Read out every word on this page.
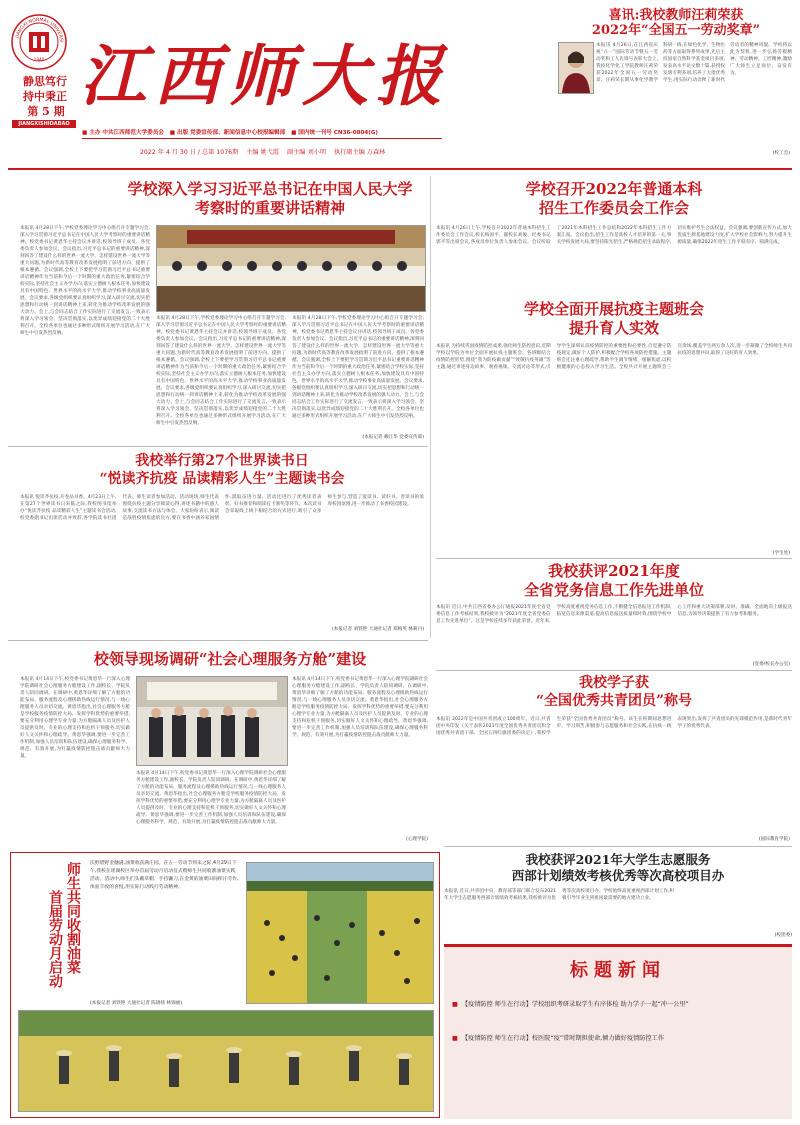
JIANGXI NORMAL UNIVERSI
1940
静思笃行
持中秉正
第 5 期
JIANGXISHIDABAO
江西师大报
■ 主办 中共江西师范大学委员会 ■ 出版 党委宣传部、新闻信息中心校报编辑部 ■ 国内统一刊号 CN36-0804(G)
2022 年 4 月 30 日 / 总第 1076期 主编 姚弋霞 副主编 刘小明 执行副主编 万森林
喜讯:我校教师汪莉荣获
2022年“全国五一劳动奖章”
本报讯 4月26日,在江西省庆祝“五一”国际劳动节暨五一劳动奖和工人先锋号表彰大会上,我校化学化工学院教师汪莉荣获2022年全国五一劳动奖章。汪莉荣长期从事化学教学科研一线,在绿色化学、生物医药等方面取得系列成果,先后主持国家自然科学基金项目多项,发表高水平论文数十篇,获授权发明专利多项,培养了大批优秀学生,用实际行动诠释了新时代劳动者的精神风貌。学校将以此为契机,进一步弘扬劳模精神、劳动精神、工匠精神,激励广大师生立足岗位、奋发有为。
(校工会)
学校深入学习习近平总书记在中国人民大学
考察时的重要讲话精神
本报讯 4月28日下午,学校党委理论学习中心组召开专题学习会,深入学习贯彻习近平总书记在中国人民大学考察时的重要讲话精神。校党委书记黄恩华主持会议并讲话,校领导班子成员、各党委负责人参加会议。会议指出,习近平总书记的重要讲话精神,深刻回答了建设什么样的世界一流大学、怎样建设世界一流大学等重大问题,为新时代高等教育改革发展指明了前进方向、提供了根本遵循。会议强调,全校上下要把学习贯彻习近平总书记重要讲话精神作为当前和今后一个时期的重大政治任务,紧密结合学校实际,坚持社会主义办学方向,落实立德树人根本任务,加快建设具有中国特色、世界水平的高水平大学,推动学校事业高质量发展。会议要求,各级党组织要认真组织学习,深入研讨交流,切实把思想和行动统一到讲话精神上来,转化为推动学校改革发展的强大动力。会上,与会同志结合工作实际进行了交流发言,一致表示将深入学习领会、坚决贯彻落实,以优异成绩迎接党的二十大胜利召开。全校各单位也通过多种形式组织开展学习活动,在广大师生中引发热烈反响。
本报讯 4月28日下午,学校党委理论学习中心组召开专题学习会,深入学习贯彻习近平总书记在中国人民大学考察时的重要讲话精神。校党委书记黄恩华主持会议并讲话,校领导班子成员、各党委负责人参加会议。会议指出,习近平总书记的重要讲话精神,深刻回答了建设什么样的世界一流大学、怎样建设世界一流大学等重大问题,为新时代高等教育改革发展指明了前进方向、提供了根本遵循。会议强调,全校上下要把学习贯彻习近平总书记重要讲话精神作为当前和今后一个时期的重大政治任务,紧密结合学校实际,坚持社会主义办学方向,落实立德树人根本任务,加快建设具有中国特色、世界水平的高水平大学,推动学校事业高质量发展。会议要求,各级党组织要认真组织学习,深入研讨交流,切实把思想和行动统一到讲话精神上来,转化为推动学校改革发展的强大动力。会上,与会同志结合工作实际进行了交流发言,一致表示将深入学习领会、坚决贯彻落实,以优异成绩迎接党的二十大胜利召开。全校各单位也通过多种形式组织开展学习活动,在广大师生中引发热烈反响。
本报讯 4月28日下午,学校党委理论学习中心组召开专题学习会,深入学习贯彻习近平总书记在中国人民大学考察时的重要讲话精神。校党委书记黄恩华主持会议并讲话,校领导班子成员、各党委负责人参加会议。会议指出,习近平总书记的重要讲话精神,深刻回答了建设什么样的世界一流大学、怎样建设世界一流大学等重大问题,为新时代高等教育改革发展指明了前进方向、提供了根本遵循。会议强调,全校上下要把学习贯彻习近平总书记重要讲话精神作为当前和今后一个时期的重大政治任务,紧密结合学校实际,坚持社会主义办学方向,落实立德树人根本任务,加快建设具有中国特色、世界水平的高水平大学,推动学校事业高质量发展。会议要求,各级党组织要认真组织学习,深入研讨交流,切实把思想和行动统一到讲话精神上来,转化为推动学校改革发展的强大动力。会上,与会同志结合工作实际进行了交流发言,一致表示将深入学习领会、坚决贯彻落实,以优异成绩迎接党的二十大胜利召开。全校各单位也通过多种形式组织开展学习活动,在广大师生中引发热烈反响。
(本报记者 赖江华 党委宣传部)
学校召开2022年普通本科
招生工作委员会工作会
本报讯 4月26日上午,学校召开2022年普通本科招生工作委员会工作会议,校长梅国平、副校长刘俊、纪委书记郭平等出席会议,各成员单位负责人参加会议。会议听取了2021年本科招生工作总结和2022年本科招生工作方案汇报。会议指出,招生工作是高校人才培养的第一关,事关学校发展大局,要坚持阳光招生,严格规范招生录取程序,切实维护考生合法权益。会议强调,要创新宣传方式,加大优质生源基地建设力度,扩大学校社会影响力,努力提升生源质量,确保2022年招生工作平稳有序、圆满完成。
学校全面开展抗疫主题班会
提升育人实效
本报讯 为持续巩固疫情防控成果,强化师生防控意识,近期学校以学院为单位全面开展抗疫主题班会。各班级结合疫情防控形势,围绕“我为防疫做贡献”“致敬抗疫英雄”等主题,通过讲述身边故事、观看视频、交流讨论等形式,引导学生深刻认识疫情防控的重要性和必要性,自觉遵守防疫规定,做好个人防护,积极配合学校各项防控措施。主题班会还注重心理疏导,帮助学生调节情绪、缓解焦虑,以积极健康的心态投入学习生活。全校共计开展主题班会三百余场,覆盖学生两万余人次,进一步凝聚了全校师生共同抗疫的思想共识,取得了良好的育人效果。
(学生处)
我校举行第27个世界读书日
“悦读齐抗疫 品读精彩人生”主题读书会
本报讯 悦读齐抗疫,开卷品书香。4月23日上午,在第27个世界读书日来临之际,我校图书馆举办“悦读齐抗疫 品读精彩人生”主题读书会活动,校党委副书记出席活动并致辞,各学院读书社团代表、师生读者参加活动。活动现场,师生代表围绕抗疫主题分享阅读心得,讲述书籍中的感人故事,交流读书方法与体会。大家纷纷表示,阅读是战胜疫情焦虑的良方,要在书香中涵养家国情怀,汲取奋进力量。活动还进行了优秀读者表彰、好书推荐和阅读打卡颁奖等环节。本次读书会采取线上线下相结合的方式进行,吸引了众多师生参与,营造了爱读书、读好书、善读书的浓厚校园氛围,进一步推动了书香校园建设。
(本报记者 刘铁艳 大通社记者 郑梅英 林莉丹)
我校获评2021年度
全省党务信息工作先进单位
本报讯 近日,中共江西省委办公厅通报2021年度全省党委信息工作考核结果,我校被评为“2021年度全省党委信息工作先进单位”。这是学校连续多年获此荣誉。近年来,学校高度重视党务信息工作,不断健全信息报送工作机制,拓宽信息来源渠道,提高信息报送质量和时效,围绕学校中心工作和重大决策部署,及时、准确、全面地向上级报送信息,为领导决策提供了有力参考和服务。
(党委/校长办公室)
校领导现场调研“社会心理服务方舱”建设
本报讯 4月14日下午,校党委书记黄恩华一行深入心理学院调研社会心理服务方舱建设工作,副校长、学院负责人陪同调研。在调研中,黄恩华详细了解了方舱的功能布局、服务流程及心理援助热线运行情况,与一线心理服务人员亲切交流。黄恩华指出,社会心理服务方舱是学校服务疫情防控大局、发挥学科优势的重要举措,要充分利用心理学专业力量,为方舱隔离人员及医护人员提供及时、专业的心理支持和危机干预服务,切实做好人文关怀和心理疏导。黄恩华强调,要进一步完善工作机制,加强人员培训和队伍建设,确保心理服务科学、规范、有效开展,为打赢疫情防控阻击战贡献师大力量。
本报讯 4月14日下午,校党委书记黄恩华一行深入心理学院调研社会心理服务方舱建设工作,副校长、学院负责人陪同调研。在调研中,黄恩华详细了解了方舱的功能布局、服务流程及心理援助热线运行情况,与一线心理服务人员亲切交流。黄恩华指出,社会心理服务方舱是学校服务疫情防控大局、发挥学科优势的重要举措,要充分利用心理学专业力量,为方舱隔离人员及医护人员提供及时、专业的心理支持和危机干预服务,切实做好人文关怀和心理疏导。黄恩华强调,要进一步完善工作机制,加强人员培训和队伍建设,确保心理服务科学、规范、有效开展,为打赢疫情防控阻击战贡献师大力量。
本报讯 4月14日下午,校党委书记黄恩华一行深入心理学院调研社会心理服务方舱建设工作,副校长、学院负责人陪同调研。在调研中,黄恩华详细了解了方舱的功能布局、服务流程及心理援助热线运行情况,与一线心理服务人员亲切交流。黄恩华指出,社会心理服务方舱是学校服务疫情防控大局、发挥学科优势的重要举措,要充分利用心理学专业力量,为方舱隔离人员及医护人员提供及时、专业的心理支持和危机干预服务,切实做好人文关怀和心理疏导。黄恩华强调,要进一步完善工作机制,加强人员培训和队伍建设,确保心理服务科学、规范、有效开展,为打赢疫情防控阻击战贡献师大力量。
(心理学院)
我校学子获
“全国优秀共青团员”称号
本报讯 2022年是中国共青团成立100周年。近日,共青团中央印发《关于表彰2021年度全国优秀共青团员和全国优秀共青团干部、全国五四红旗团委的决定》,我校学生荣获“全国优秀共青团员”称号。该生在校期间思想进步、学习刻苦,积极参与志愿服务和社会实践,在抗疫一线表现突出,发挥了共青团员的先锋模范作用,是新时代青年学子的优秀代表。
(国际教育学院)
师生共同收割油菜
首届劳动月启动
沃野碧野金穗满,油菜收获满庄园。在五一劳动节到来之际,4月29日下午,我校在瑶湖校区举办首届劳动月启动仪式暨师生共同收割油菜实践活动。活动中,师生们头戴草帽、手持镰刀,在金黄的油菜田间挥汗劳作,体验丰收的喜悦,用实际行动践行劳动精神。
(本报记者 刘铁艳 大通社记者 陈锦扬 林锦丽)
我校获评2021年大学生志愿服务
西部计划绩效考核优秀等次高校项目办
本报讯 近日,共青团中央、教育部等部门联合发布2021年大学生志愿服务西部计划绩效考核结果,我校被评为优秀等次高校项目办。学校始终高度重视西部计划工作,积极引导毕业生到祖国最需要的地方建功立业。
(校团委)
标题新闻
■ 【疫情防控 师生在行动】学校组织考研录取学生有序体检 助力学子一起“冲一公里”
■ 【疫情防控 师生在行动】校医院“疫”常时期担使命,倾力做好疫情防控工作
